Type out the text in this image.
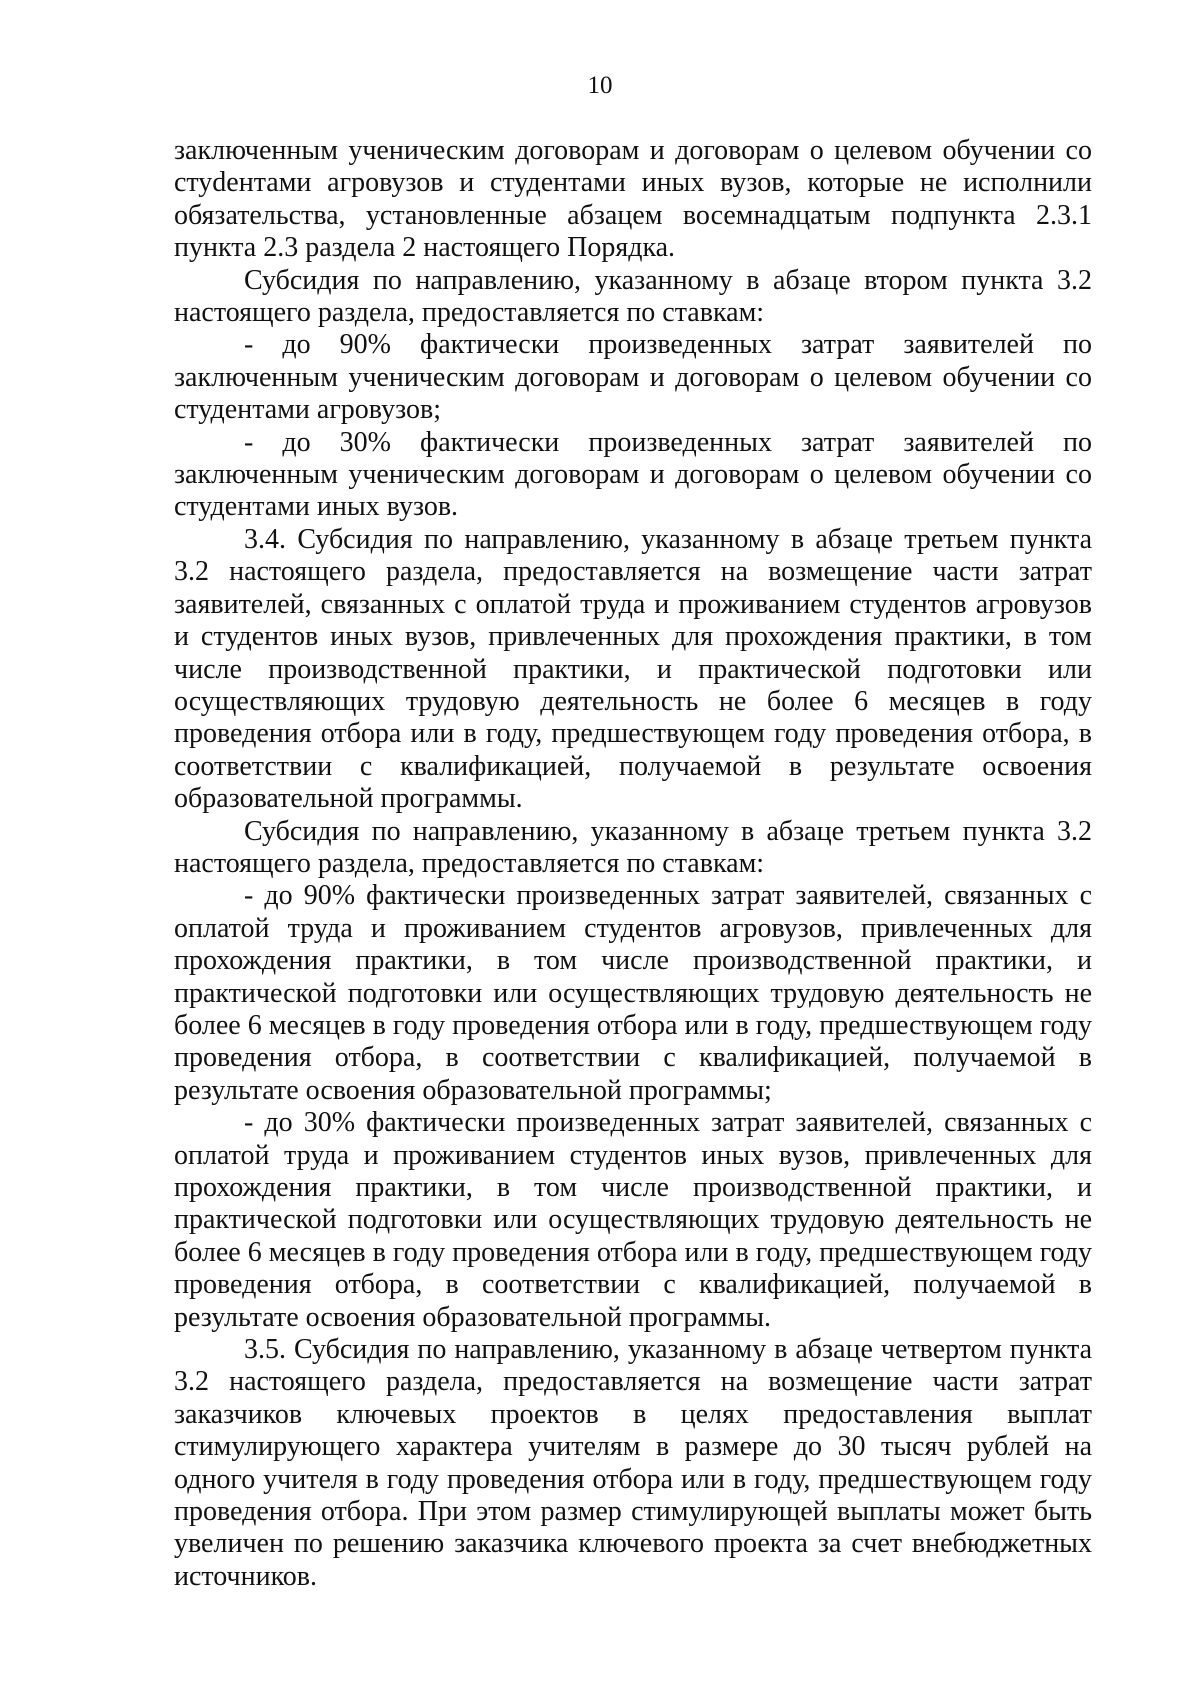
10

заключенным ученическим договорам и договорам о целевом обучении со стуdентами агровузов и студентами иных вузов, которые не исполнили обязательства, установленные абзацем восемнадцатым подпункта 2.3.1 пункта 2.3 раздела 2 настоящего Порядка.

Субсидия по направлению, указанному в абзаце втором пункта 3.2 настоящего раздела, предоставляется по ставкам:

- до 90% фактически произведенных затрат заявителей по заключенным ученическим договорам и договорам о целевом обучении со студентами агровузов;

- до 30% фактически произведенных затрат заявителей по заключенным ученическим договорам и договорам о целевом обучении со студентами иных вузов.

3.4. Субсидия по направлению, указанному в абзаце третьем пункта 3.2 настоящего раздела, предоставляется на возмещение части затрат заявителей, связанных с оплатой труда и проживанием студентов агровузов и студентов иных вузов, привлеченных для прохождения практики, в том числе производственной практики, и практической подготовки или осуществляющих трудовую деятельность не более 6 месяцев в году проведения отбора или в году, предшествующем году проведения отбора, в соответствии с квалификацией, получаемой в результате освоения образовательной программы.

Субсидия по направлению, указанному в абзаце третьем пункта 3.2 настоящего раздела, предоставляется по ставкам:

- до 90% фактически произведенных затрат заявителей, связанных с оплатой труда и проживанием студентов агровузов, привлеченных для прохождения практики, в том числе производственной практики, и практической подготовки или осуществляющих трудовую деятельность не более 6 месяцев в году проведения отбора или в году, предшествующем году проведения отбора, в соответствии с квалификацией, получаемой в результате освоения образовательной программы;

- до 30% фактически произведенных затрат заявителей, связанных с оплатой труда и проживанием студентов иных вузов, привлеченных для прохождения практики, в том числе производственной практики, и практической подготовки или осуществляющих трудовую деятельность не более 6 месяцев в году проведения отбора или в году, предшествующем году проведения отбора, в соответствии с квалификацией, получаемой в результате освоения образовательной программы.

3.5. Субсидия по направлению, указанному в абзаце четвертом пункта 3.2 настоящего раздела, предоставляется на возмещение части затрат заказчиков ключевых проектов в целях предоставления выплат стимулирующего характера учителям в размере до 30 тысяч рублей на одного учителя в году проведения отбора или в году, предшествующем году проведения отбора. При этом размер стимулирующей выплаты может быть увеличен по решению заказчика ключевого проекта за счет внебюджетных источников.
